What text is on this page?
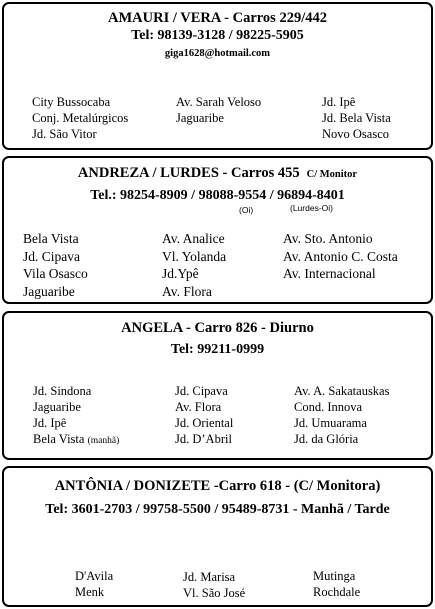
AMAURI / VERA - Carros 229/442
Tel: 98139-3128 / 98225-5905
giga1628@hotmail.com
City Bussocaba
Conj. Metalúrgicos
Jd. São Vitor
Av. Sarah Veloso
Jaguaribe
Jd. Ipê
Jd. Bela Vista
Novo Osasco
ANDREZA / LURDES - Carros 455 C/ Monitor
Tel.: 98254-8909 / 98088-9554 / 96894-8401
(Oi)	(Lurdes-Oi)
Bela Vista
Jd. Cipava
Vila Osasco
Jaguaribe
Av. Analice
Vl. Yolanda
Jd.Ypê
Av. Flora
Av. Sto. Antonio
Av. Antonio C. Costa
Av. Internacional
ANGELA - Carro 826 - Diurno
Tel: 99211-0999
Jd. Sindona
Jaguaribe
Jd. Ipê
Bela Vista (manhã)
Jd. Cipava
Av. Flora
Jd. Oriental
Jd. D’Abril
Av. A. Sakatauskas
Cond. Innova
Jd. Umuarama
Jd. da Glória
ANTÔNIA / DONIZETE -Carro 618 - (C/ Monitora)
Tel: 3601-2703 / 99758-5500 / 95489-8731 - Manhã / Tarde
D'Avila
Menk
Jd. Marisa
Vl. São José
Mutinga
Rochdale
